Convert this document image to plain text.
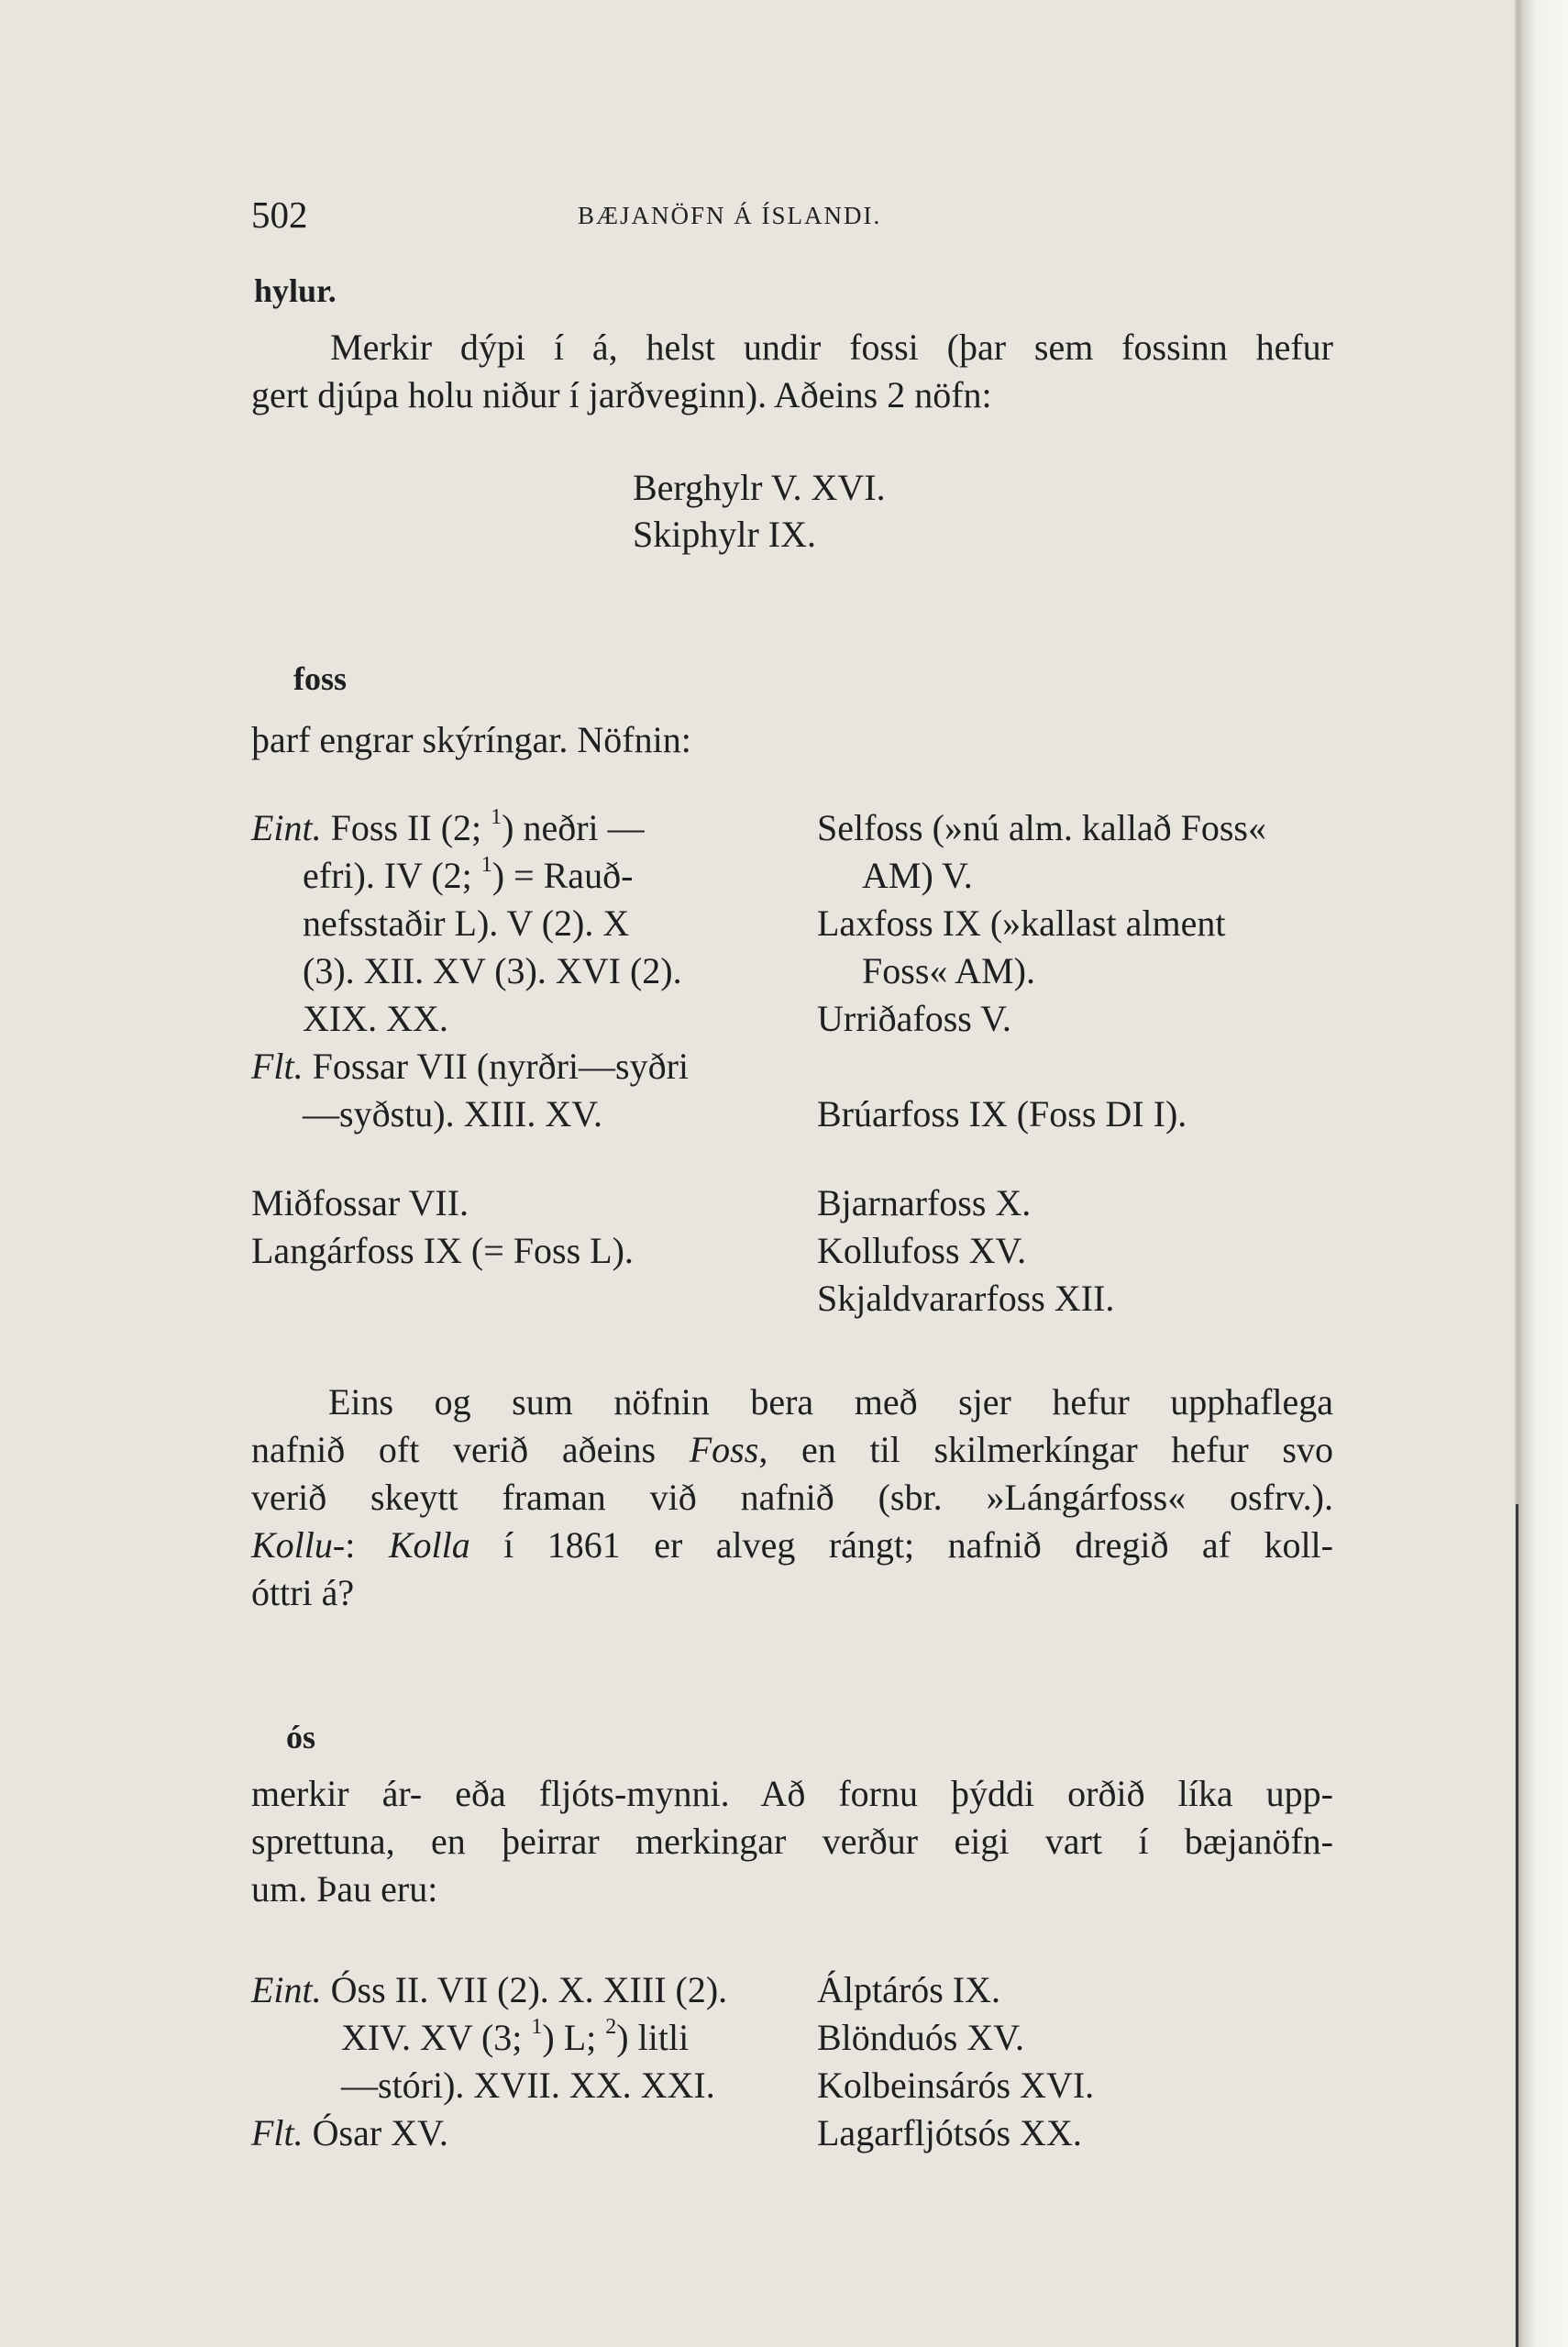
502	BÆJANÖFN Á ÍSLANDI.
hylur.
Merkir dýpi í á, helst undir fossi (þar sem fossinn hefur
gert djúpa holu niður í jarðveginn). Aðeins 2 nöfn:
Berghylr V. XVI.
Skiphylr IX.
foss
þarf engrar skýríngar. Nöfnin:
Eint. Foss II (2; $^1$) neðri —
efri). IV (2; $^1$) = Rauð-
nefsstaðir L). V (2). X
(3). XII. XV (3). XVI (2).
XIX. XX.
Flt. Fossar VII (nyrðri—syðri
—syðstu). XIII. XV.
Miðfossar VII.
Langárfoss IX (= Foss L).
Selfoss (»nú alm. kallað Foss«
AM) V.
Laxfoss IX (»kallast alment
Foss« AM).
Urriðafoss V.
Brúarfoss IX (Foss DI I).
Bjarnarfoss X.
Kollufoss XV.
Skjaldvararfoss XII.
Eins og sum nöfnin bera með sjer hefur upphaflega
nafnið oft verið aðeins Foss, en til skilmerkíngar hefur svo
verið skeytt framan við nafnið (sbr. »Lángárfoss« osfrv.).
Kollu-: Kolla í 1861 er alveg rángt; nafnið dregið af koll-
óttri á?
ós
merkir ár- eða fljóts-mynni. Að fornu þýddi orðið líka upp-
sprettuna, en þeirrar merkingar verður eigi vart í bæjanöfn-
um. Þau eru:
Eint. Óss II. VII (2). X. XIII (2).
XIV. XV (3; $^1$) L; $^2$) litli
—stóri). XVII. XX. XXI.
Flt. Ósar XV.
Álptárós IX.
Blönduós XV.
Kolbeinsárós XVI.
Lagarfljótsós XX.
